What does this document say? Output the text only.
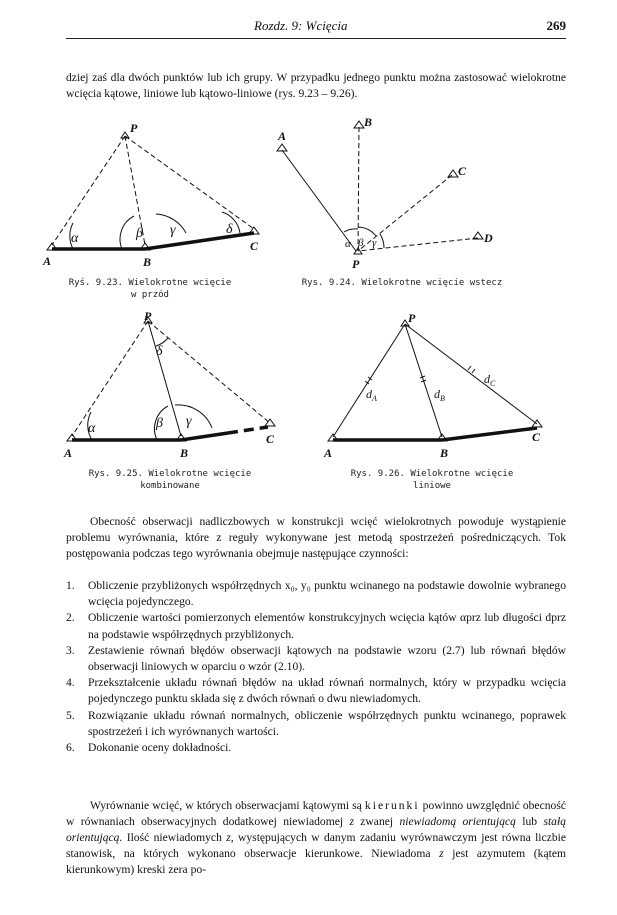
Rozdz. 9: Wcięcia	269
dziej zaś dla dwóch punktów lub ich grupy. W przypadku jednego punktu można zastosować wielokrotne wcięcia kątowe, liniowe lub kątowo-liniowe (rys. 9.23 – 9.26).
P
A	B
C
α	β γ	δ
A
B
C
D
P
α β γ
P
A	B
C
α	β γ
δ
P
A	B
C
$d_A$	$d_B$
$d_C$
Ryś. 9.23. Wielokrotne wcięcie
w przód
Rys. 9.24. Wielokrotne wcięcie wstecz
Rys. 9.25. Wielokrotne wcięcie
kombinowane
Rys. 9.26. Wielokrotne wcięcie
liniowe
Obecność obserwacji nadliczbowych w konstrukcji wcięć wielokrotnych powoduje wystąpienie problemu wyrównania, które z reguły wykonywane jest metodą spostrzeżeń pośredniczących. Tok postępowania podczas tego wyrównania obejmuje następujące czynności:
1. Obliczenie przybliżonych współrzędnych x₀, y₀ punktu wcinanego na podstawie dowolnie wybranego wcięcia pojedynczego.
2. Obliczenie wartości pomierzonych elementów konstrukcyjnych wcięcia kątów αprz lub długości dprz na podstawie współrzędnych przybliżonych.
3. Zestawienie równań błędów obserwacji kątowych na podstawie wzoru (2.7) lub równań błędów obserwacji liniowych w oparciu o wzór (2.10).
4. Przekształcenie układu równań błędów na układ równań normalnych, który w przypadku wcięcia pojedynczego punktu składa się z dwóch równań o dwu niewiadomych.
5. Rozwiązanie układu równań normalnych, obliczenie współrzędnych punktu wcinanego, poprawek spostrzeżeń i ich wyrównanych wartości.
6. Dokonanie oceny dokładności.
Wyrównanie wcięć, w których obserwacjami kątowymi są kierunki powinno uwzględnić obecność w równaniach obserwacyjnych dodatkowej niewiadomej z zwanej niewiadomą orientującą lub stałą orientującą. Ilość niewiadomych z, występujących w danym zadaniu wyrównawczym jest równa liczbie stanowisk, na których wykonano obserwacje kierunkowe. Niewiadoma z jest azymutem (kątem kierunkowym) kreski zera po-
